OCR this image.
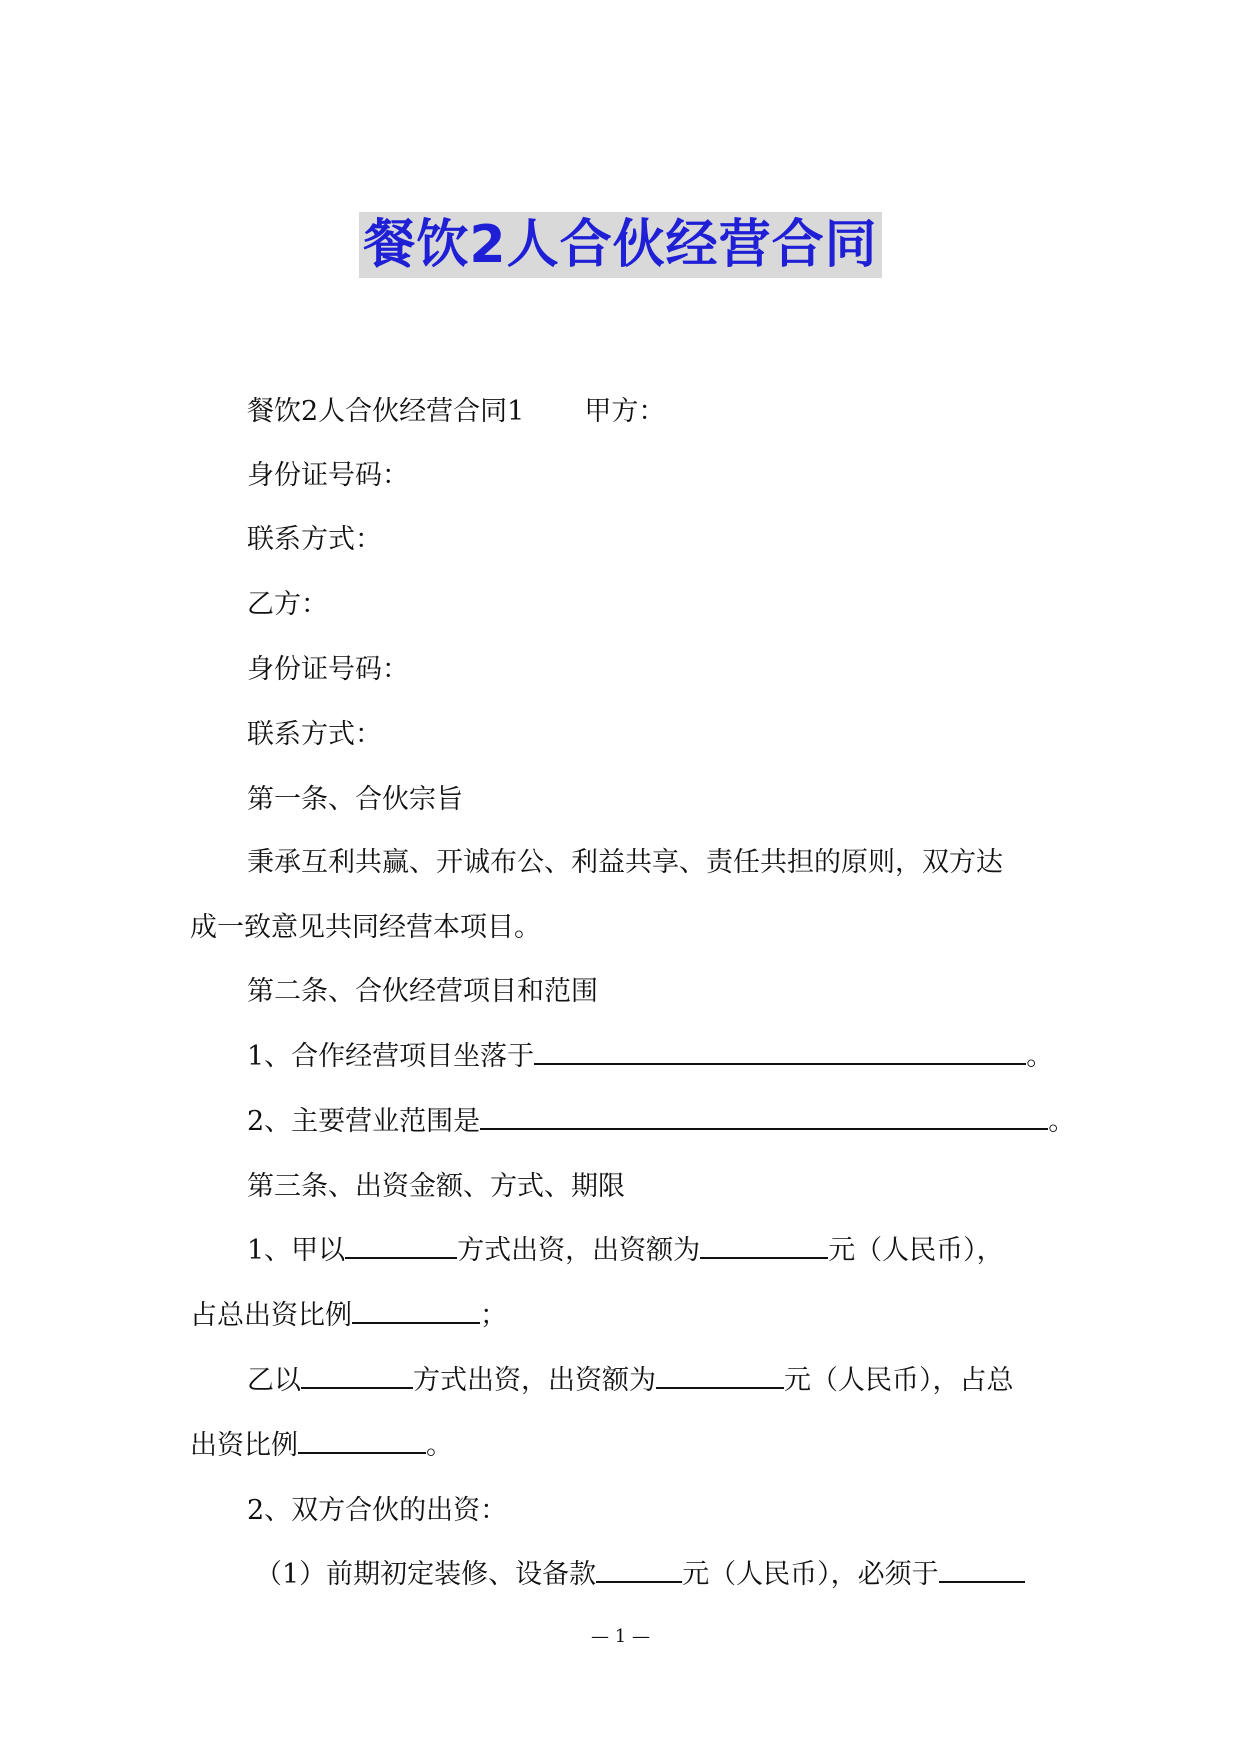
餐饮2人合伙经营合同
餐饮2人合伙经营合同1 甲方：
身份证号码：
联系方式：
乙方：
身份证号码：
联系方式：
第一条、合伙宗旨
秉承互利共赢、开诚布公、利益共享、责任共担的原则，双方达
成一致意见共同经营本项目。
第二条、合伙经营项目和范围
1、合作经营项目坐落于	。
2、主要营业范围是	。
第三条、出资金额、方式、期限
1、甲以	方式出资，出资额为	元（人民币），
占总出资比例	；
乙以	方式出资，出资额为	元（人民币），占总
出资比例	。
2、双方合伙的出资：
（1）前期初定装修、设备款	元（人民币），必须于
— 1 —
